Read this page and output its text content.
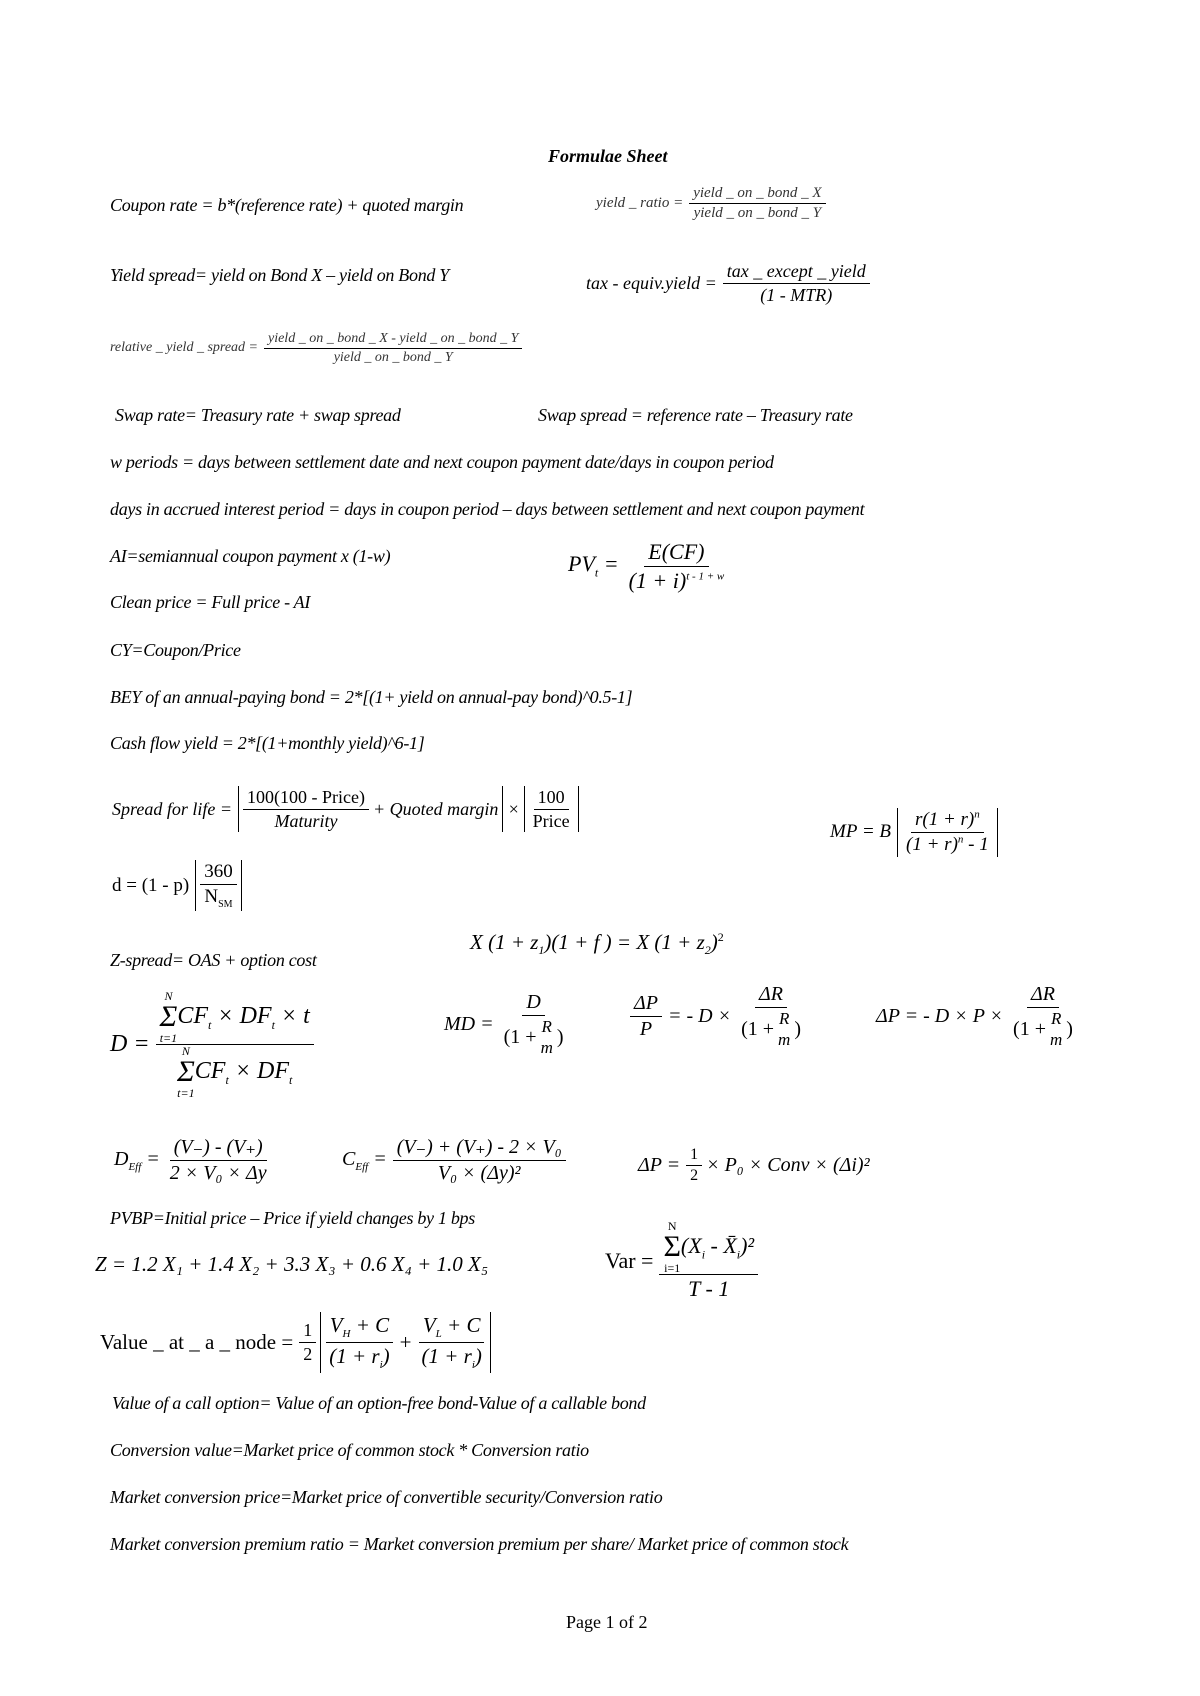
Formulae Sheet
Coupon rate = b*(reference rate) + quoted margin	yield _ ratio = $\frac{\text{yield \_ on \_ bond \_ X}}{\text{yield \_ on \_ bond \_ Y}}$
Yield spread= yield on Bond X – yield on Bond Y	tax - equiv.yield = $\frac{\text{tax \_ except \_ yield}}{\text{(1 - MTR)}}$
relative _ yield _ spread = $\frac{\text{yield \_ on \_ bond \_ X - yield \_ on \_ bond \_ Y}}{\text{yield \_ on \_ bond \_ Y}}$
Swap rate= Treasury rate + swap spread	Swap spread = reference rate – Treasury rate
w periods = days between settlement date and next coupon payment date/days in coupon period
days in accrued interest period = days in coupon period – days between settlement and next coupon payment
AI=semiannual coupon payment x (1-w)	$PV_t = \frac{E(CF)}{(1 + i)^{t - 1 + w}}$
Clean price = Full price - AI
CY=Coupon/Price
BEY of an annual-paying bond = 2*[(1+ yield on annual-pay bond)^0.5-1]
Cash flow yield = 2*[(1+monthly yield)^6-1]
Spread for life = $\frac{\text{100(100 - Price)}}{\text{Maturity}}$ + Quoted margin × $\frac{100}{\text{Price}}$	MP = B $\frac{r(1 + r)^n}{(1 + r)^n - 1}$
$d = (1 - p) \frac{360}{N_{SM}}$
Z-spread= OAS + option cost
X $(1 + z_1)(1 + f$ ) = X $(1 + z_2)^2$
D = N
Σ
t=1
$CF_t \times DF_t \times t$
N
Σ
t=1
$CF_t \times DF_t$	MD = D
(1 + R
m )	$\frac{\Delta P}{P}$ = - D × ΔR
(1 + R
m )	ΔP = - D × P × ΔR
(1 + R
m )
$D_{Eff} = \frac{(V_-) - (V_+)}{\text{2 × V₀ × Δy}}$	$C_{Eff} = \frac{\text{(V₋) + (V₊) - 2 × V₀}}{\text{V₀ × (Δy)²}}$	$\Delta P = \frac{1}{2} \times P_0$ × Conv × (Δi)²
PVBP=Initial price – Price if yield changes by 1 bps
Z = 1.2 X₁ + 1.4 X₂ + 3.3 X₃ + 0.6 X₄ + 1.0 X₅	Var = N
Σ
i=1
($X_i$ - $X̄_i)^2$
T - 1
Value _ at _ a _ node = $\frac{1}{2} \frac{V_H + C}{(1 + r_i)} + \frac{V_L + C}{(1 + r_i)}$
Value of a call option= Value of an option-free bond-Value of a callable bond
Conversion value=Market price of common stock * Conversion ratio
Market conversion price=Market price of convertible security/Conversion ratio
Market conversion premium ratio = Market conversion premium per share/ Market price of common stock
Page 1 of 2
